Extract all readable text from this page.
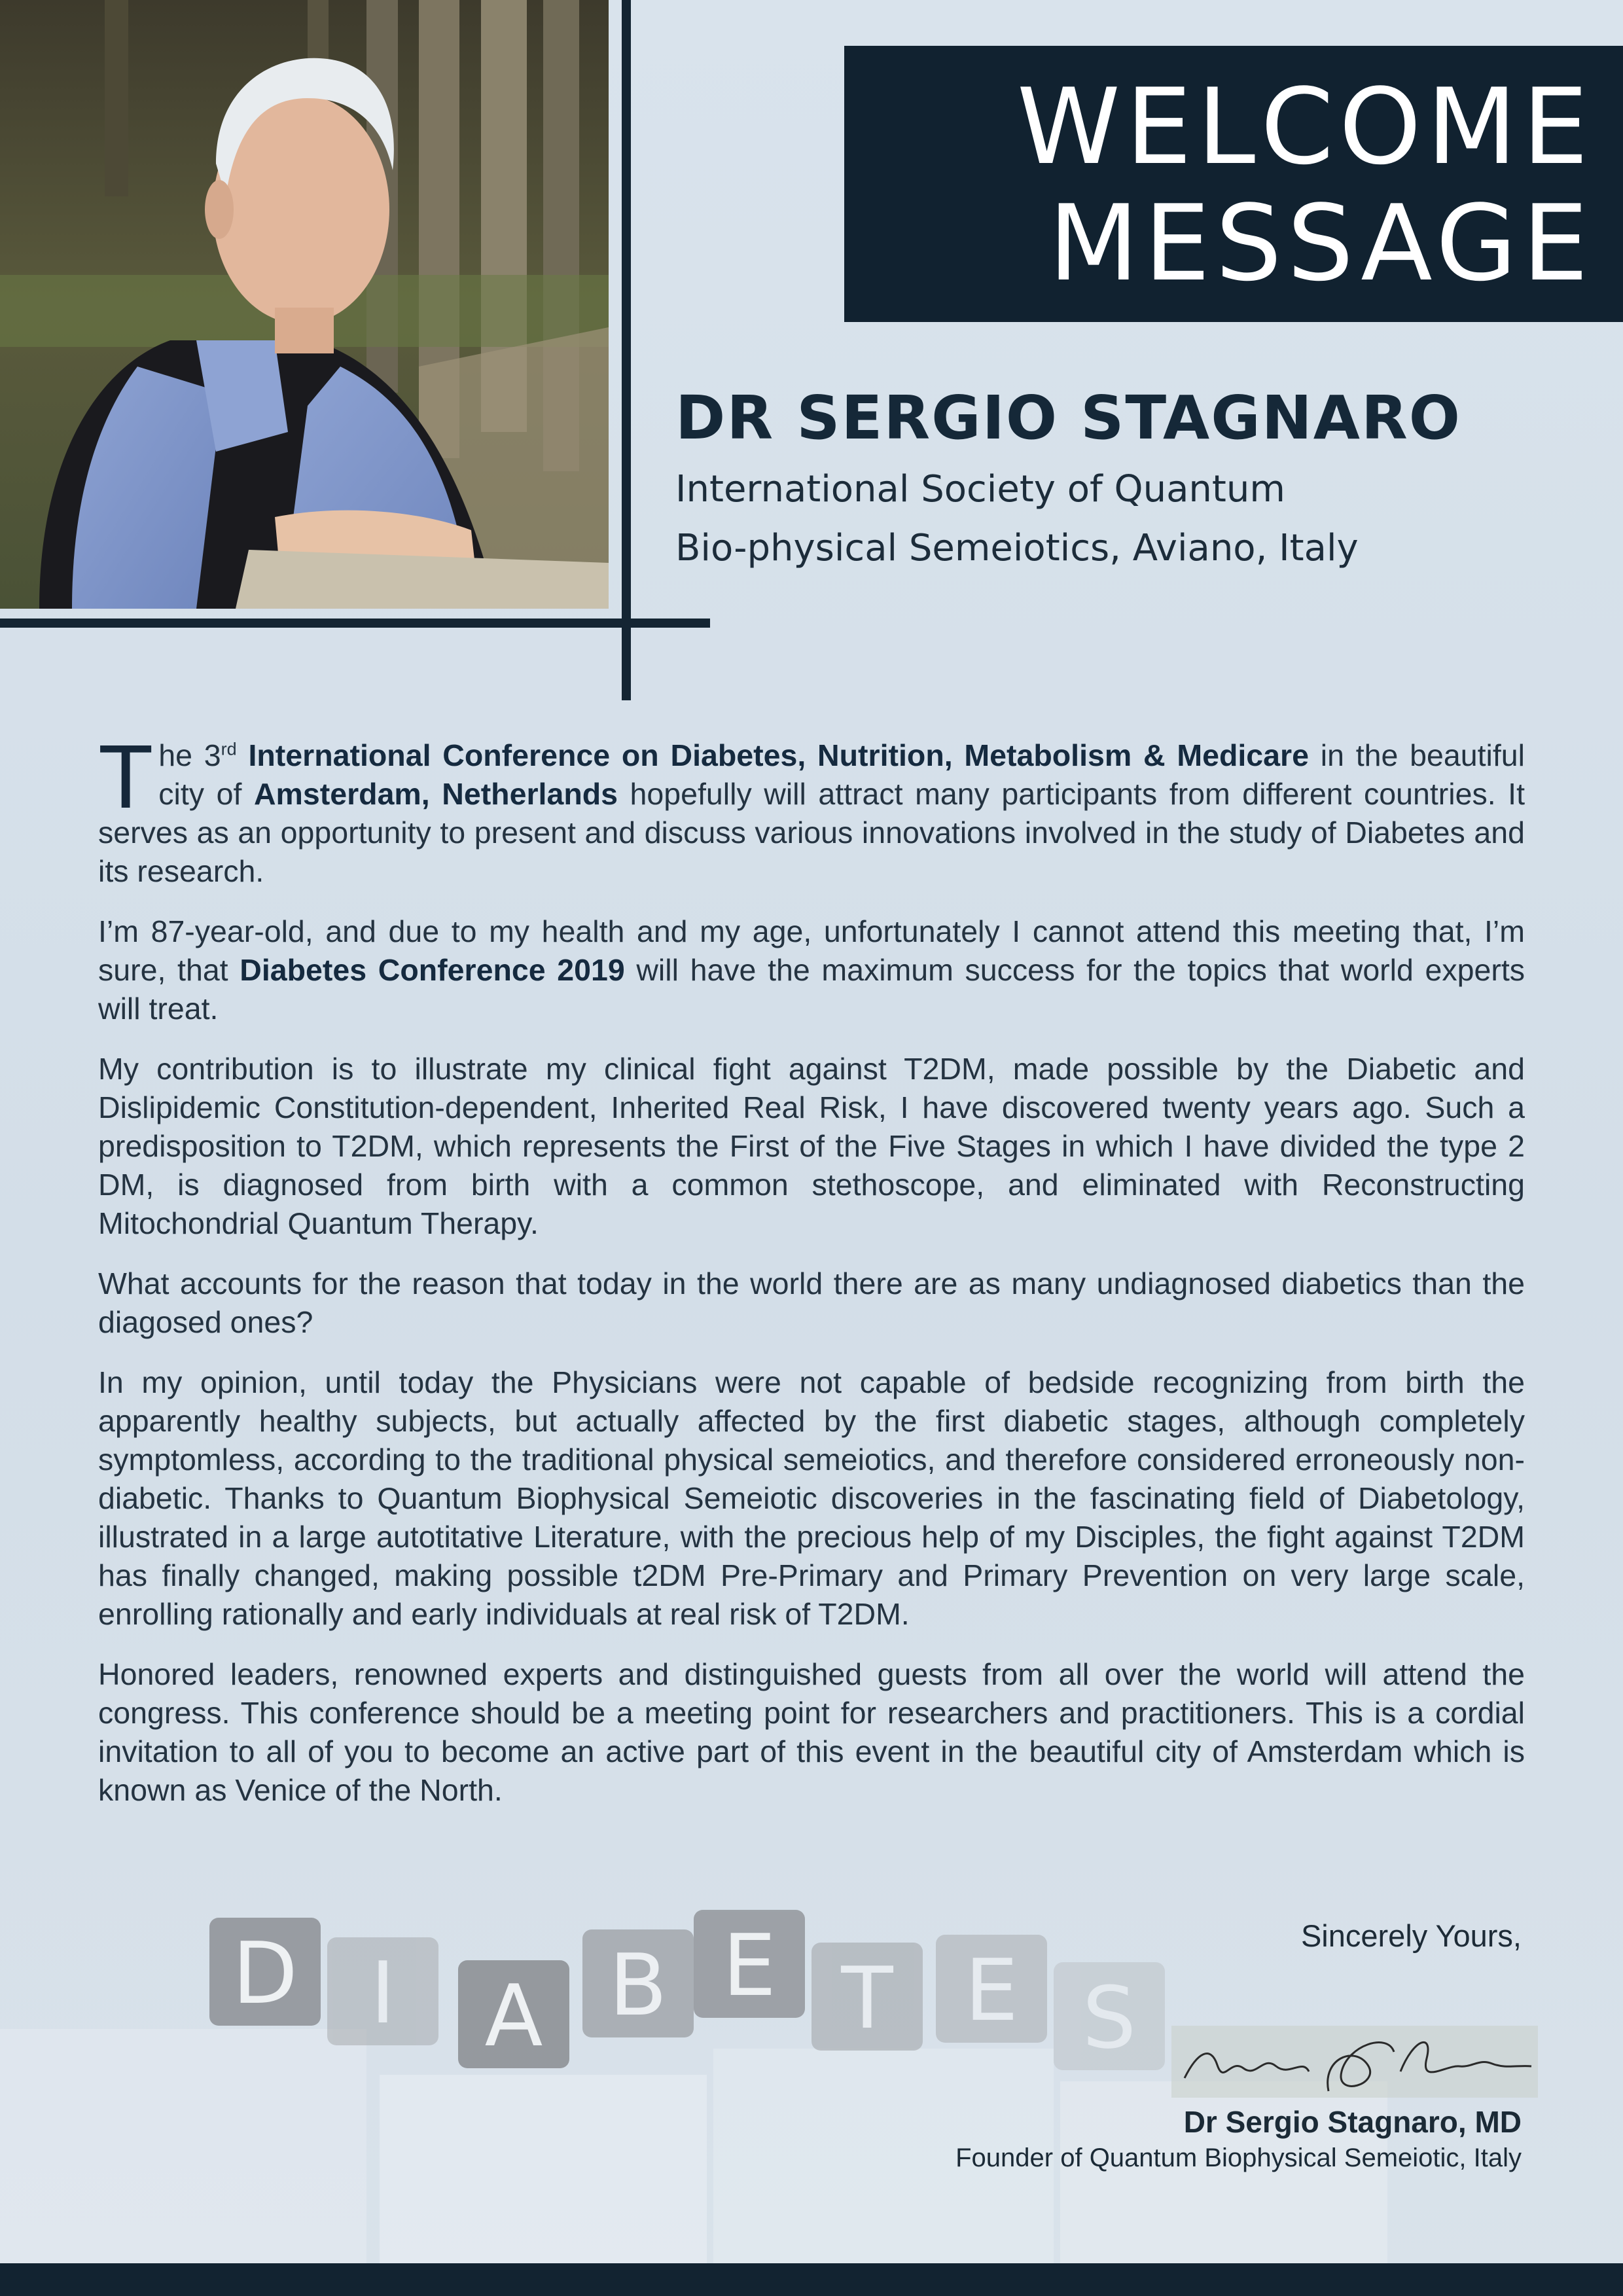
WELCOME
MESSAGE
DR SERGIO STAGNARO
International Society of Quantum
Bio-physical Semeiotics, Aviano, Italy

The 3rd International Conference on Diabetes, Nutrition, Metabolism & Medicare in the beautiful city of Amsterdam, Netherlands hopefully will attract many participants from different countries. It serves as an opportunity to present and discuss various innovations involved in the study of Diabetes and its research.

I’m 87-year-old, and due to my health and my age, unfortunately I cannot attend this meeting that, I’m sure, that Diabetes Conference 2019 will have the maximum success for the topics that world experts will treat.

My contribution is to illustrate my clinical fight against T2DM, made possible by the Diabetic and Dislipidemic Constitution-dependent, Inherited Real Risk, I have discovered twenty years ago. Such a predisposition to T2DM, which represents the First of the Five Stages in which I have divided the type 2 DM, is diagnosed from birth with a common stethoscope, and eliminated with Reconstructing Mitochondrial Quantum Therapy.

What accounts for the reason that today in the world there are as many undiagnosed diabetics than the diagosed ones?

In my opinion, until today the Physicians were not capable of bedside recognizing from birth the apparently healthy subjects, but actually affected by the first diabetic stages, although completely symptomless, according to the traditional physical semeiotics, and therefore considered erroneously non-diabetic. Thanks to Quantum Biophysical Semeiotic discoveries in the fascinating field of Diabetology, illustrated in a large autotitative Literature, with the precious help of my Disciples, the fight against T2DM has finally changed, making possible t2DM Pre-Primary and Primary Prevention on very large scale, enrolling rationally and early individuals at real risk of T2DM.

Honored leaders, renowned experts and distinguished guests from all over the world will attend the congress. This conference should be a meeting point for researchers and practitioners. This is a cordial invitation to all of you to become an active part of this event in the beautiful city of Amsterdam which is known as Venice of the North.

D I A B E T E S
Sincerely Yours,
Dr Sergio Stagnaro, MD
Founder of Quantum Biophysical Semeiotic, Italy
